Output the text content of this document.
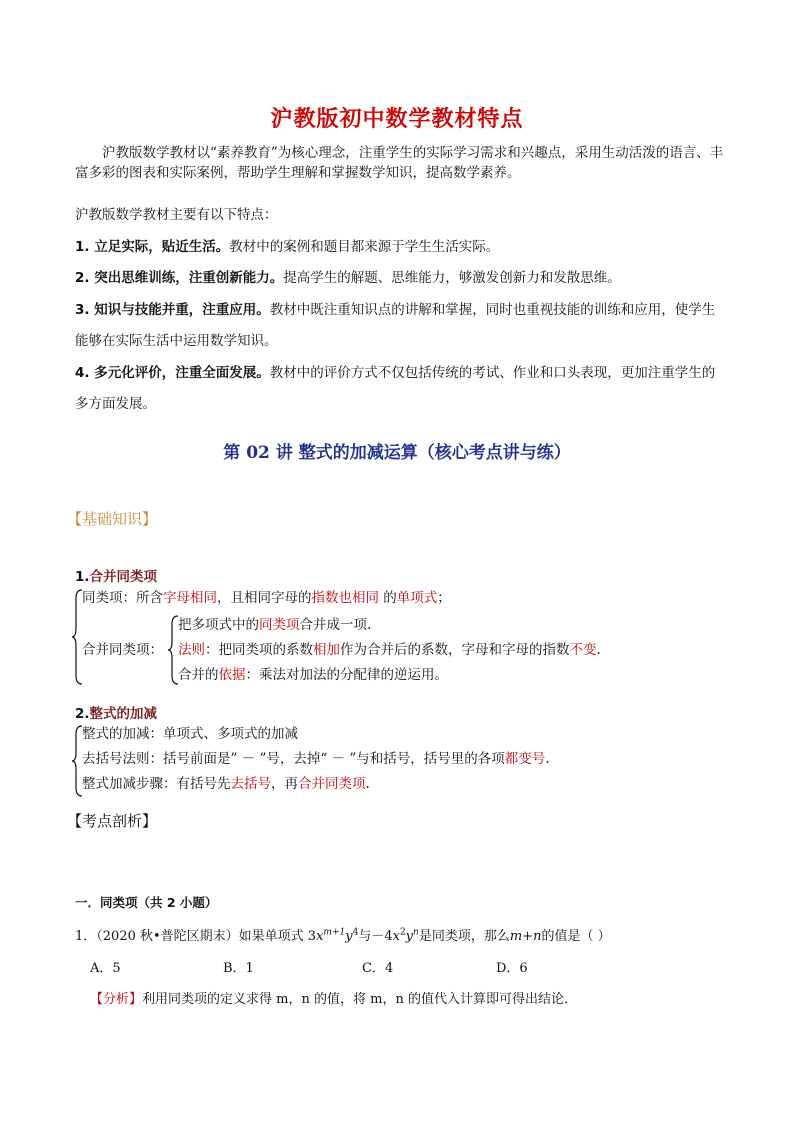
沪教版初中数学教材特点
沪教版数学教材以“素养教育”为核心理念，注重学生的实际学习需求和兴趣点，采用生动活泼的语言、丰富多彩的图表和实际案例，帮助学生理解和掌握数学知识，提高数学素养。
沪教版数学教材主要有以下特点：
1. 立足实际，贴近生活。教材中的案例和题目都来源于学生生活实际。
2. 突出思维训练，注重创新能力。提高学生的解题、思维能力，够激发创新力和发散思维。
3. 知识与技能并重，注重应用。教材中既注重知识点的讲解和掌握，同时也重视技能的训练和应用，使学生能够在实际生活中运用数学知识。
4. 多元化评价，注重全面发展。教材中的评价方式不仅包括传统的考试、作业和口头表现，更加注重学生的多方面发展。
第 02 讲 整式的加减运算（核心考点讲与练）
【基础知识】
1.合并同类项
同类项：所含字母相同，且相同字母的指数也相同 的单项式；
合并同类项：
把多项式中的同类项合并成一项.
法则：把同类项的系数相加作为合并后的系数，字母和字母的指数不变.
合并的依据：乘法对加法的分配律的逆运用。
2.整式的加减
整式的加减：单项式、多项式的加减
去括号法则：括号前面是” － ”号，去掉“ － ”与和括号，括号里的各项都变号.
整式加减步骤：有括号先去括号，再合并同类项.
【考点剖析】
一．同类项（共 2 小题）
1．（2020 秋•普陀区期末）如果单项式 $3x^{m+1}y^4$与$-4x^2y^n$是同类项，那么m+n的值是（ ）
A．5	B．1	C．4	D．6
【分析】利用同类项的定义求得 m，n 的值，将 m，n 的值代入计算即可得出结论．
